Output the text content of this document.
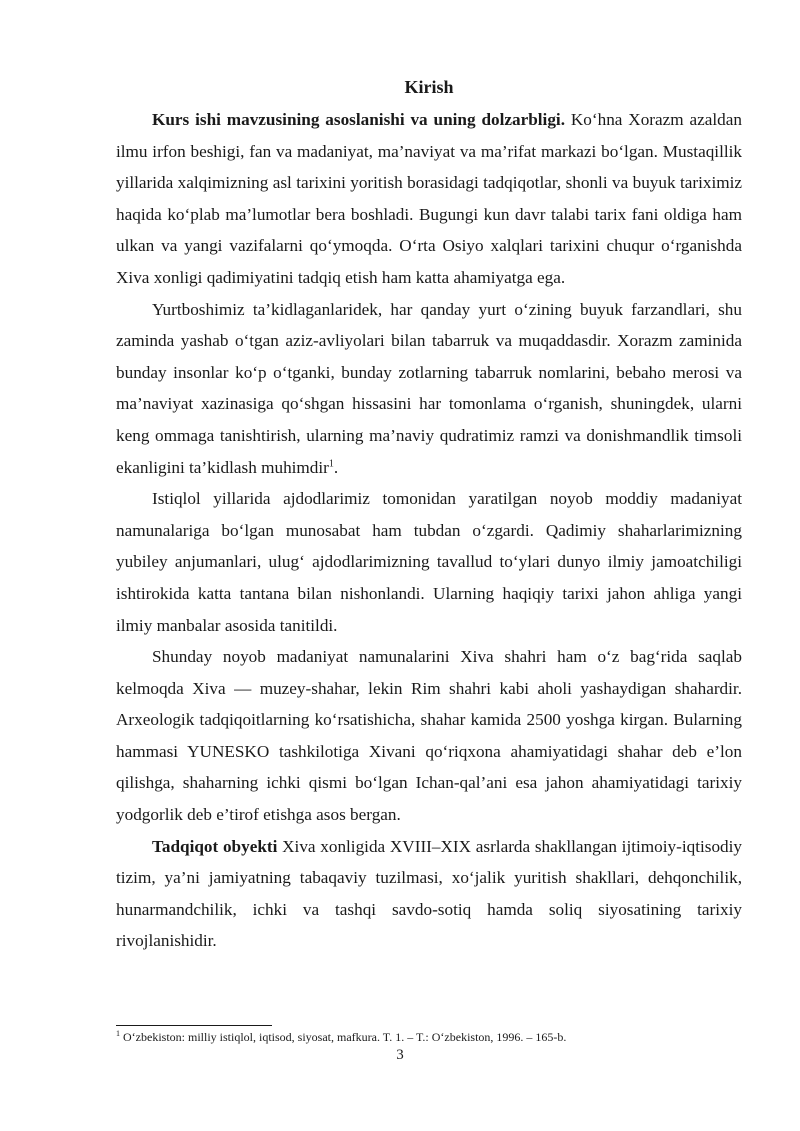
Kirish

Kurs ishi mavzusining asoslanishi va uning dolzarbligi. Ko‘hna Xorazm azaldan ilmu irfon beshigi, fan va madaniyat, ma’naviyat va ma’rifat markazi bo‘lgan. Mustaqillik yillarida xalqimizning asl tarixini yoritish borasidagi tadqiqotlar, shonli va buyuk tariximiz haqida ko‘plab ma’lumotlar bera boshladi. Bugungi kun davr talabi tarix fani oldiga ham ulkan va yangi vazifalarni qo‘ymoqda. O‘rta Osiyo xalqlari tarixini chuqur o‘rganishda Xiva xonligi qadimiyatini tadqiq etish ham katta ahamiyatga ega.

Yurtboshimiz ta’kidlaganlaridek, har qanday yurt o‘zining buyuk farzandlari, shu zaminda yashab o‘tgan aziz-avliyolari bilan tabarruk va muqaddasdir. Xorazm zaminida bunday insonlar ko‘p o‘tganki, bunday zotlarning tabarruk nomlarini, bebaho merosi va ma’naviyat xazinasiga qo‘shgan hissasini har tomonlama o‘rganish, shuningdek, ularni keng ommaga tanishtirish, ularning ma’naviy qudratimiz ramzi va donishmandlik timsoli ekanligini ta’kidlash muhimdir$^1$.

Istiqlol yillarida ajdodlarimiz tomonidan yaratilgan noyob moddiy madaniyat namunalariga bo‘lgan munosabat ham tubdan o‘zgardi. Qadimiy shaharlarimizning yubiley anjumanlari, ulug‘ ajdodlarimizning tavallud to‘ylari dunyo ilmiy jamoatchiligi ishtirokida katta tantana bilan nishonlandi. Ularning haqiqiy tarixi jahon ahliga yangi ilmiy manbalar asosida tanitildi.

Shunday noyob madaniyat namunalarini Xiva shahri ham o‘z bag‘rida saqlab kelmoqda Xiva — muzey-shahar, lekin Rim shahri kabi aholi yashaydigan shahardir. Arxeologik tadqiqoitlarning ko‘rsatishicha, shahar kamida 2500 yoshga kirgan. Bularning hammasi YUNESKO tashkilotiga Xivani qo‘riqxona ahamiyatidagi shahar deb e’lon qilishga, shaharning ichki qismi bo‘lgan Ichan-qal’ani esa jahon ahamiyatidagi tarixiy yodgorlik deb e’tirof etishga asos bergan.

Tadqiqot obyekti Xiva xonligida XVIII–XIX asrlarda shakllangan ijtimoiy-iqtisodiy tizim, ya’ni jamiyatning tabaqaviy tuzilmasi, xo‘jalik yuritish shakllari, dehqonchilik, hunarmandchilik, ichki va tashqi savdo-sotiq hamda soliq siyosatining tarixiy rivojlanishidir.

$^1$ O‘zbekiston: milliy istiqlol, iqtisod, siyosat, mafkura. T. 1. – T.: O‘zbekiston, 1996. – 165-b.
3
